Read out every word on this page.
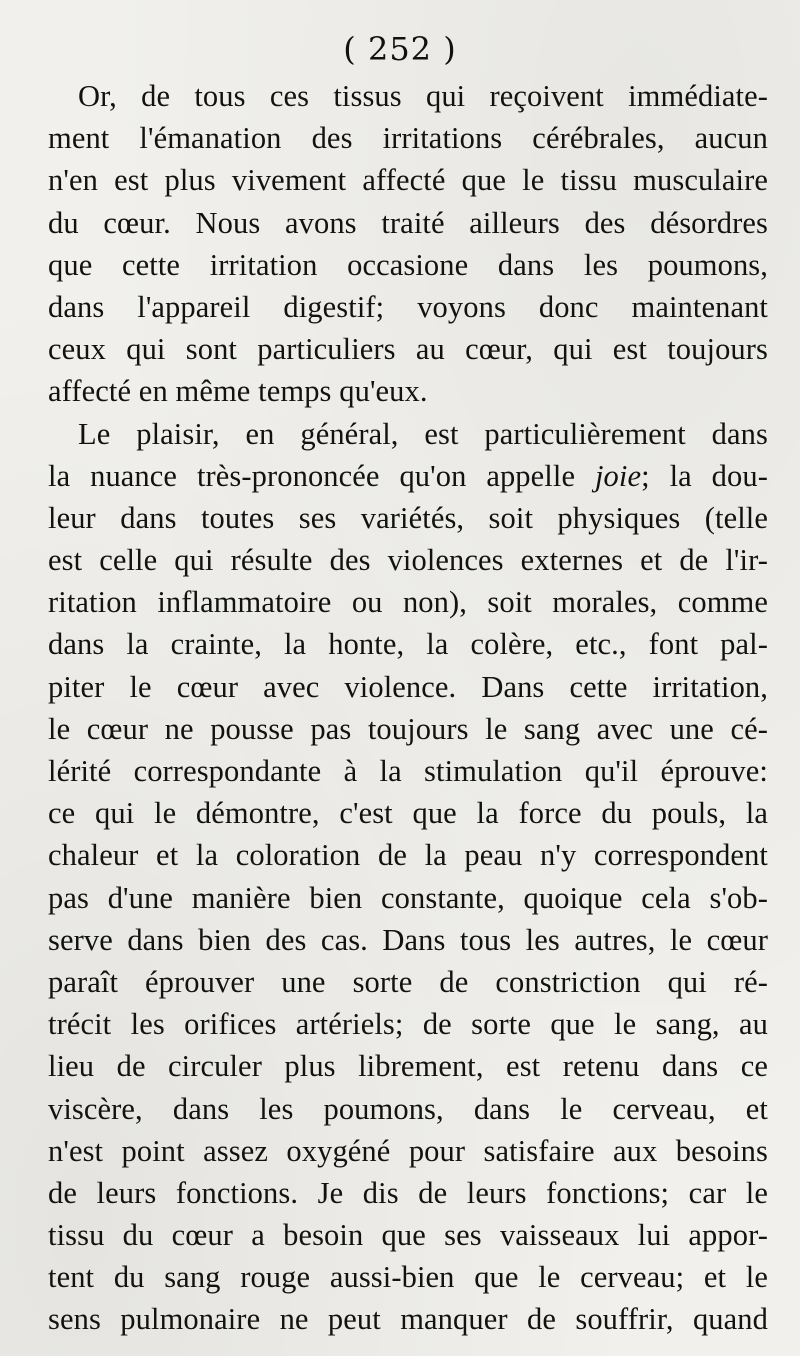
( 252 )
Or, de tous ces tissus qui reçoivent immédiate-
ment l'émanation des irritations cérébrales, aucun
n'en est plus vivement affecté que le tissu musculaire
du cœur. Nous avons traité ailleurs des désordres
que cette irritation occasione dans les poumons,
dans l'appareil digestif; voyons donc maintenant
ceux qui sont particuliers au cœur, qui est toujours
affecté en même temps qu'eux.
Le plaisir, en général, est particulièrement dans
la nuance très-prononcée qu'on appelle joie; la dou-
leur dans toutes ses variétés, soit physiques (telle
est celle qui résulte des violences externes et de l'ir-
ritation inflammatoire ou non), soit morales, comme
dans la crainte, la honte, la colère, etc., font pal-
piter le cœur avec violence. Dans cette irritation,
le cœur ne pousse pas toujours le sang avec une cé-
lérité correspondante à la stimulation qu'il éprouve:
ce qui le démontre, c'est que la force du pouls, la
chaleur et la coloration de la peau n'y correspondent
pas d'une manière bien constante, quoique cela s'ob-
serve dans bien des cas. Dans tous les autres, le cœur
paraît éprouver une sorte de constriction qui ré-
trécit les orifices artériels; de sorte que le sang, au
lieu de circuler plus librement, est retenu dans ce
viscère, dans les poumons, dans le cerveau, et
n'est point assez oxygéné pour satisfaire aux besoins
de leurs fonctions. Je dis de leurs fonctions; car le
tissu du cœur a besoin que ses vaisseaux lui appor-
tent du sang rouge aussi-bien que le cerveau; et le
sens pulmonaire ne peut manquer de souffrir, quand
